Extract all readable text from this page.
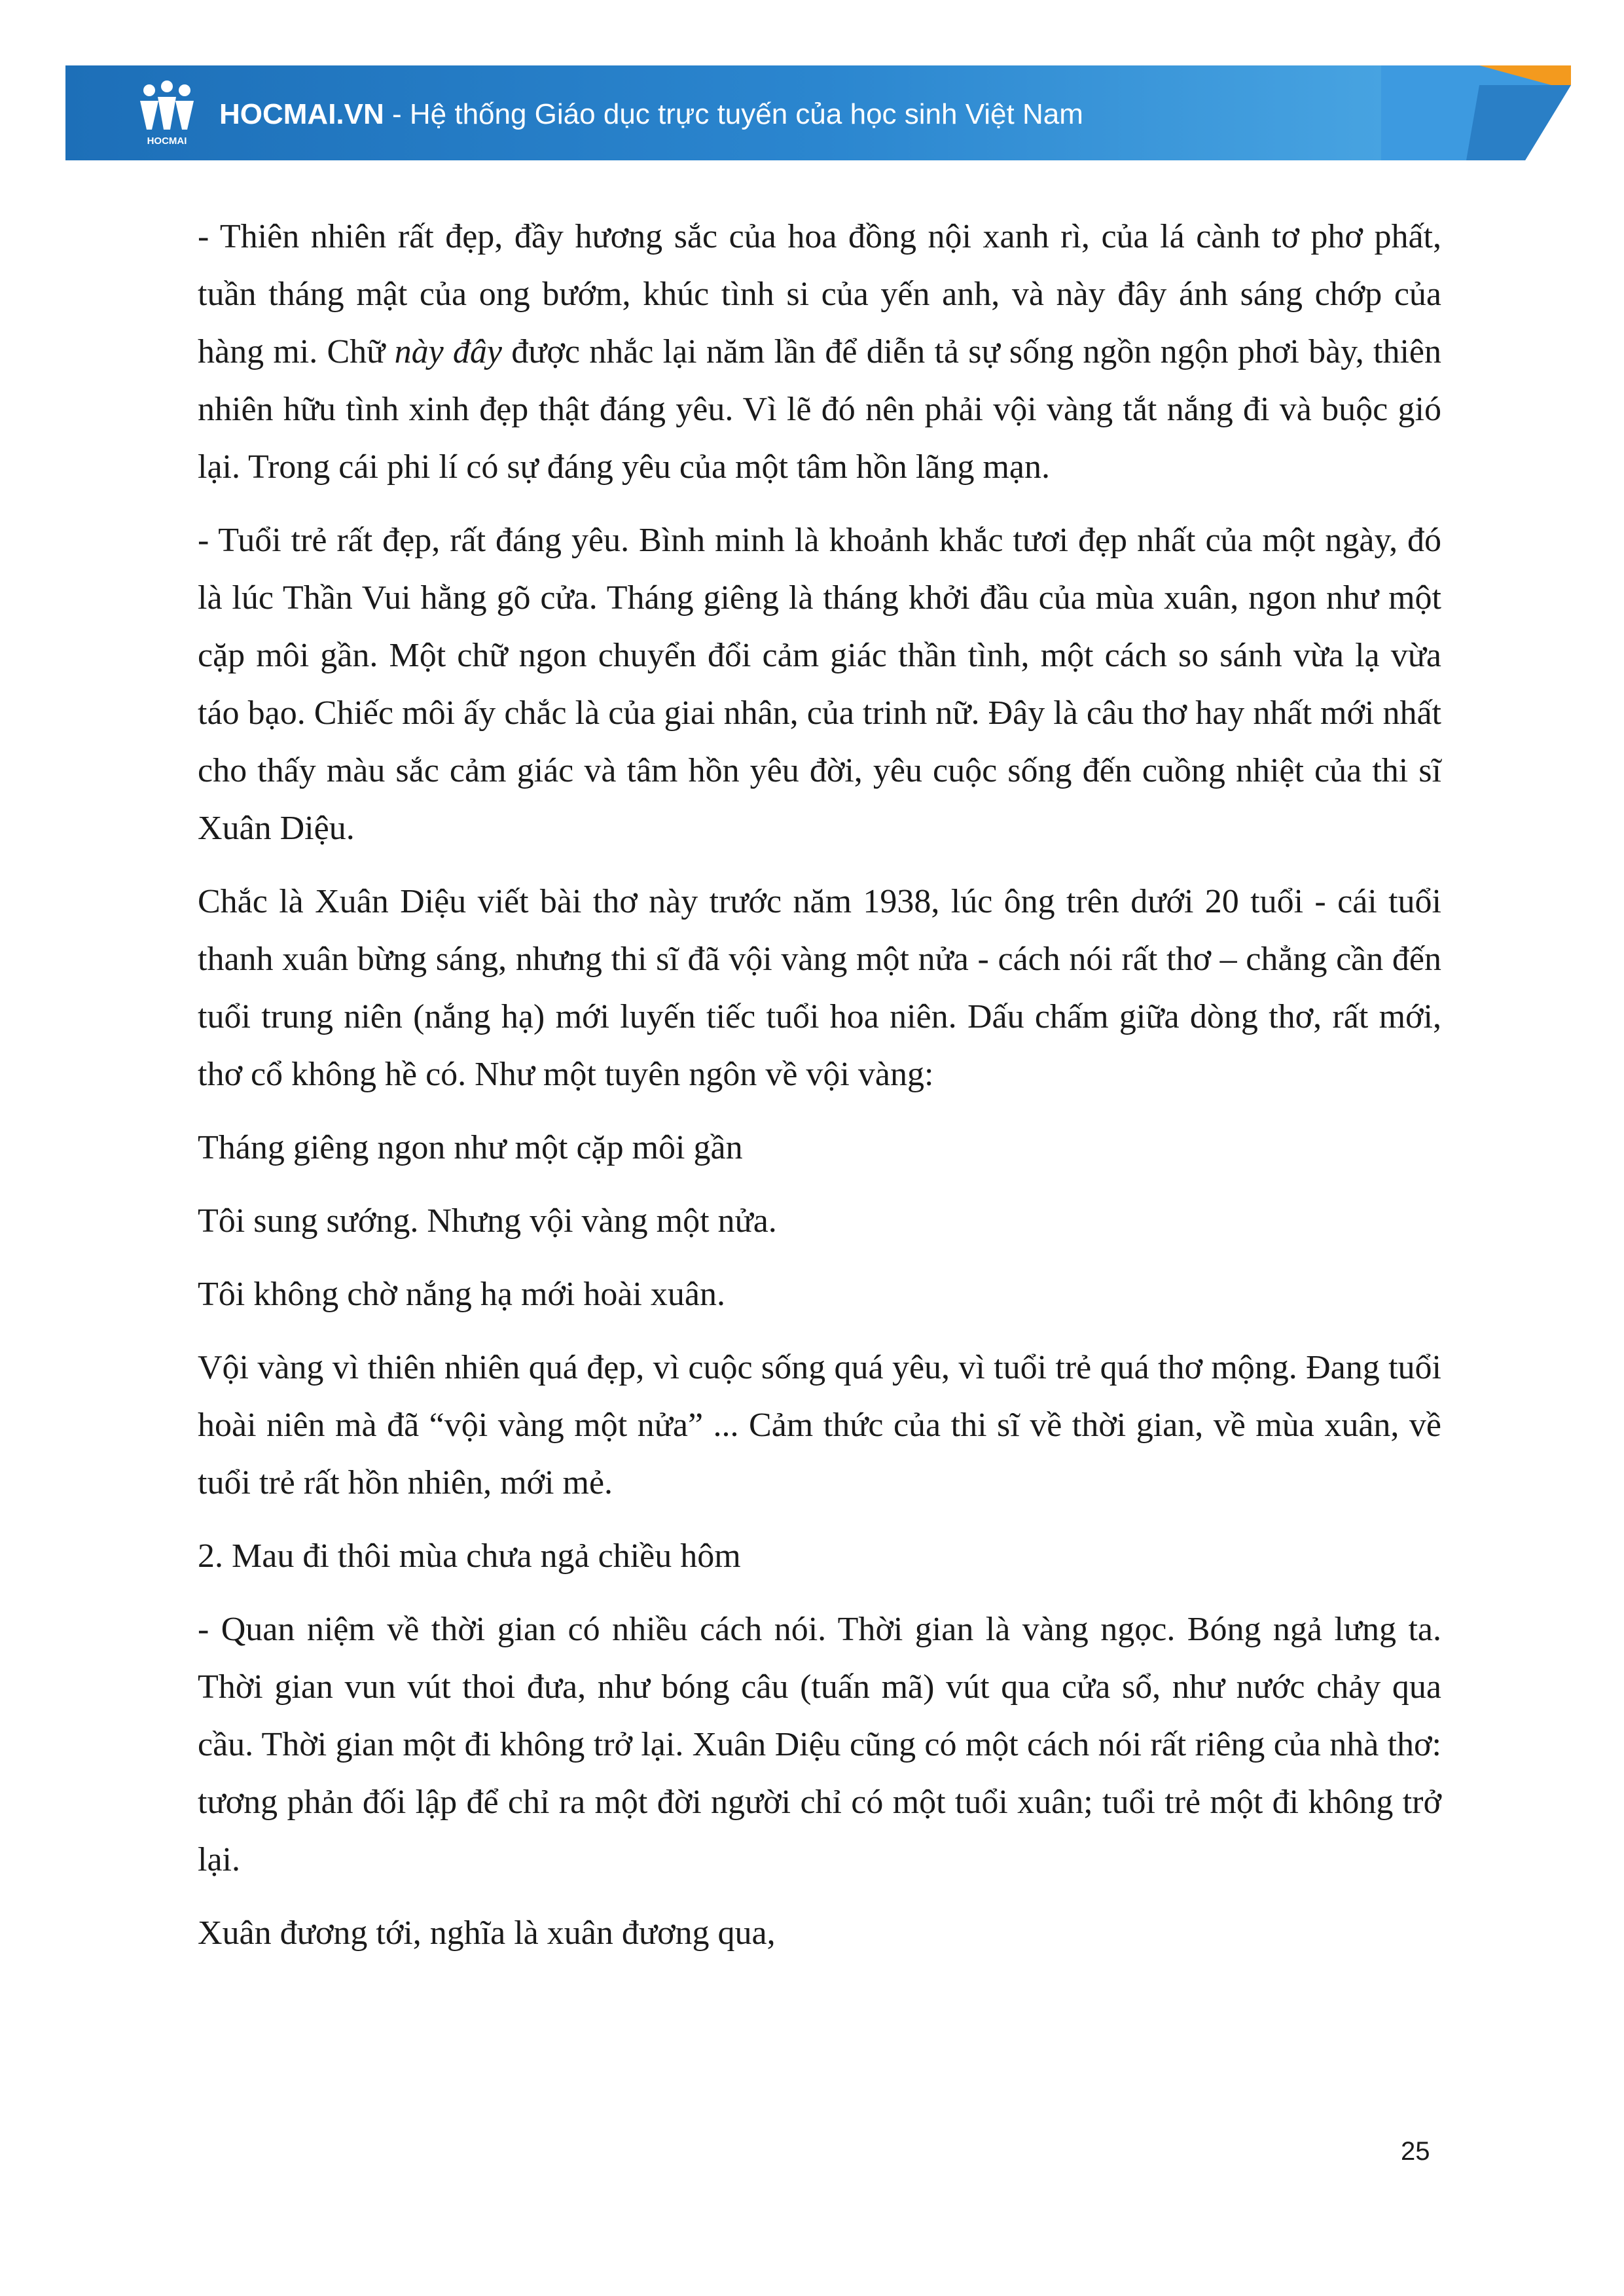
HOCMAI
HOCMAI.VN - Hệ thống Giáo dục trực tuyến của học sinh Việt Nam

- Thiên nhiên rất đẹp, đầy hương sắc của hoa đồng nội xanh rì, của lá cành tơ phơ phất, tuần tháng mật của ong bướm, khúc tình si của yến anh, và này đây ánh sáng chớp của hàng mi. Chữ này đây được nhắc lại năm lần để diễn tả sự sống ngồn ngộn phơi bày, thiên nhiên hữu tình xinh đẹp thật đáng yêu. Vì lẽ đó nên phải vội vàng tắt nắng đi và buộc gió lại. Trong cái phi lí có sự đáng yêu của một tâm hồn lãng mạn.

- Tuổi trẻ rất đẹp, rất đáng yêu. Bình minh là khoảnh khắc tươi đẹp nhất của một ngày, đó là lúc Thần Vui hằng gõ cửa. Tháng giêng là tháng khởi đầu của mùa xuân, ngon như một cặp môi gần. Một chữ ngon chuyển đổi cảm giác thần tình, một cách so sánh vừa lạ vừa táo bạo. Chiếc môi ấy chắc là của giai nhân, của trinh nữ. Đây là câu thơ hay nhất mới nhất cho thấy màu sắc cảm giác và tâm hồn yêu đời, yêu cuộc sống đến cuồng nhiệt của thi sĩ Xuân Diệu.

Chắc là Xuân Diệu viết bài thơ này trước năm 1938, lúc ông trên dưới 20 tuổi - cái tuổi thanh xuân bừng sáng, nhưng thi sĩ đã vội vàng một nửa - cách nói rất thơ – chẳng cần đến tuổi trung niên (nắng hạ) mới luyến tiếc tuổi hoa niên. Dấu chấm giữa dòng thơ, rất mới, thơ cổ không hề có. Như một tuyên ngôn về vội vàng:

Tháng giêng ngon như một cặp môi gần

Tôi sung sướng. Nhưng vội vàng một nửa.

Tôi không chờ nắng hạ mới hoài xuân.

Vội vàng vì thiên nhiên quá đẹp, vì cuộc sống quá yêu, vì tuổi trẻ quá thơ mộng. Đang tuổi hoài niên mà đã “vội vàng một nửa” ... Cảm thức của thi sĩ về thời gian, về mùa xuân, về tuổi trẻ rất hồn nhiên, mới mẻ.

2. Mau đi thôi mùa chưa ngả chiều hôm

- Quan niệm về thời gian có nhiều cách nói. Thời gian là vàng ngọc. Bóng ngả lưng ta. Thời gian vun vút thoi đưa, như bóng câu (tuấn mã) vút qua cửa sổ, như nước chảy qua cầu. Thời gian một đi không trở lại. Xuân Diệu cũng có một cách nói rất riêng của nhà thơ: tương phản đối lập để chỉ ra một đời người chỉ có một tuổi xuân; tuổi trẻ một đi không trở lại.

Xuân đương tới, nghĩa là xuân đương qua,

25
